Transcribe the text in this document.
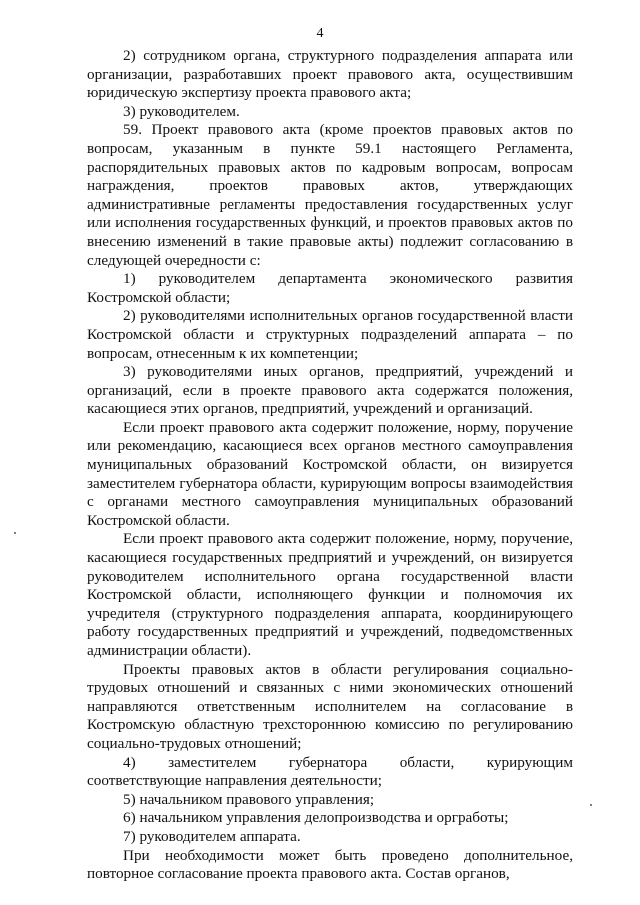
4

2) сотрудником органа, структурного подразделения аппарата или организации, разработавших проект правового акта, осуществившим юридическую экспертизу проекта правового акта;

3) руководителем.

59. Проект правового акта (кроме проектов правовых актов по вопросам, указанным в пункте 59.1 настоящего Регламента, распорядительных правовых актов по кадровым вопросам, вопросам награждения, проектов правовых актов, утверждающих административные регламенты предоставления государственных услуг или исполнения государственных функций, и проектов правовых актов по внесению изменений в такие правовые акты) подлежит согласованию в следующей очередности с:

1) руководителем департамента экономического развития Костромской области;

2) руководителями исполнительных органов государственной власти Костромской области и структурных подразделений аппарата – по вопросам, отнесенным к их компетенции;

3) руководителями иных органов, предприятий, учреждений и организаций, если в проекте правового акта содержатся положения, касающиеся этих органов, предприятий, учреждений и организаций.

Если проект правового акта содержит положение, норму, поручение или рекомендацию, касающиеся всех органов местного самоуправления муниципальных образований Костромской области, он визируется заместителем губернатора области, курирующим вопросы взаимодействия с органами местного самоуправления муниципальных образований Костромской области.

Если проект правового акта содержит положение, норму, поручение, касающиеся государственных предприятий и учреждений, он визируется руководителем исполнительного органа государственной власти Костромской области, исполняющего функции и полномочия их учредителя (структурного подразделения аппарата, координирующего работу государственных предприятий и учреждений, подведомственных администрации области).

Проекты правовых актов в области регулирования социально-трудовых отношений и связанных с ними экономических отношений направляются ответственным исполнителем на согласование в Костромскую областную трехстороннюю комиссию по регулированию социально-трудовых отношений;

4) заместителем губернатора области, курирующим соответствующие направления деятельности;

5) начальником правового управления;

6) начальником управления делопроизводства и оргработы;

7) руководителем аппарата.

При необходимости может быть проведено дополнительное, повторное согласование проекта правового акта. Состав органов,
